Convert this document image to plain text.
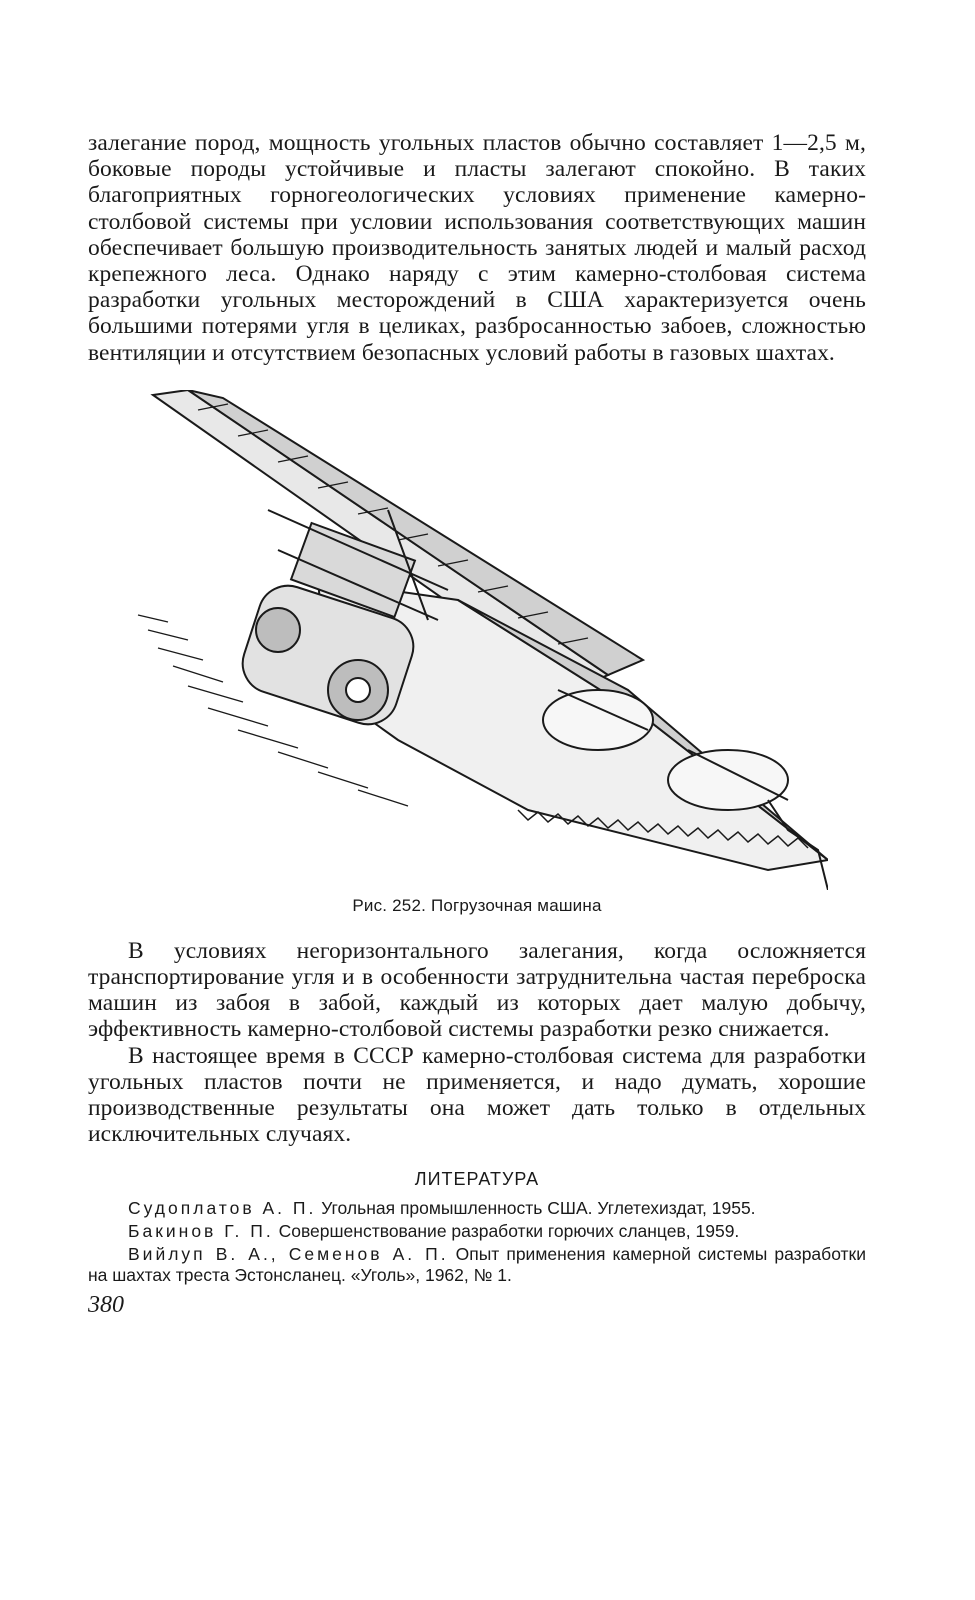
залегание пород, мощность угольных пластов обычно составляет 1—2,5 м, боковые породы устойчивые и пласты залегают спокойно. В таких благоприятных горногеологических условиях применение камерно-столбовой системы при условии использования соответствующих машин обеспечивает большую производительность занятых людей и малый расход крепежного леса. Однако наряду с этим камерно-столбовая система разработки угольных месторождений в США характеризуется очень большими потерями угля в целиках, разбросанностью забоев, сложностью вентиляции и отсутствием безопасных условий работы в газовых шахтах.

Рис. 252. Погрузочная машина

В условиях негоризонтального залегания, когда осложняется транспортирование угля и в особенности затруднительна частая переброска машин из забоя в забой, каждый из которых дает малую добычу, эффективность камерно-столбовой системы разработки резко снижается.

В настоящее время в СССР камерно-столбовая система для разработки угольных пластов почти не применяется, и надо думать, хорошие производственные результаты она может дать только в отдельных исключительных случаях.

ЛИТЕРАТУРА

Судоплатов А. П. Угольная промышленность США. Углетехиздат, 1955.

Бакинов Г. П. Совершенствование разработки горючих сланцев, 1959.

Вийлуп В. А., Семенов А. П. Опыт применения камерной системы разработки на шахтах треста Эстонсланец. «Уголь», 1962, № 1.

380
